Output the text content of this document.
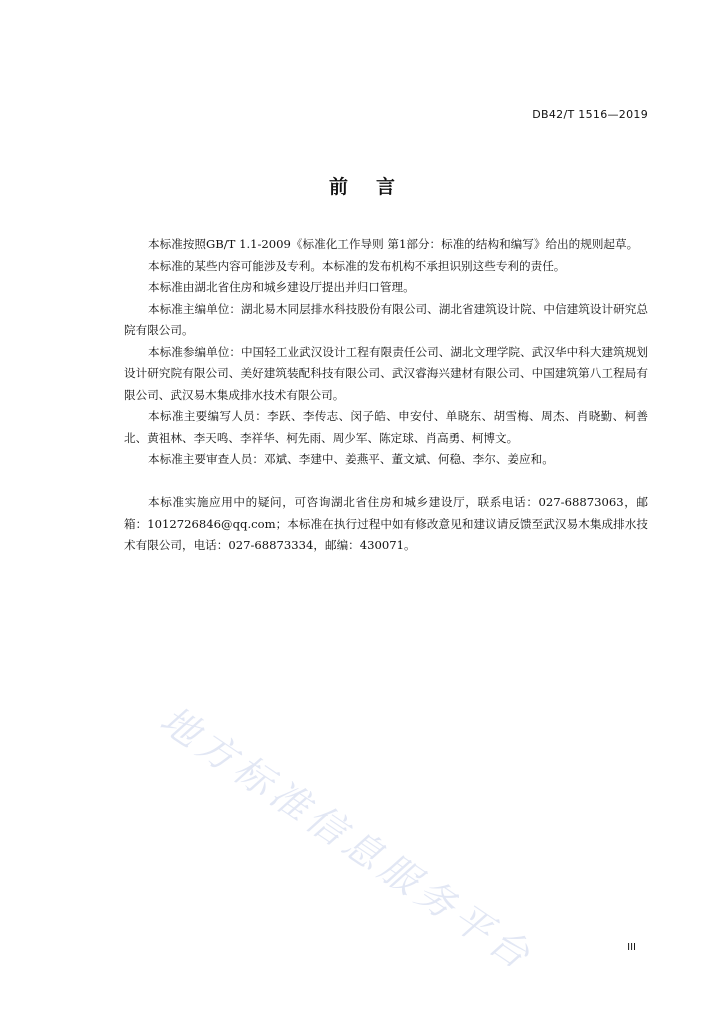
DB42/T 1516—2019
前 言

本标准按照GB/T 1.1-2009《标准化工作导则 第1部分：标准的结构和编写》给出的规则起草。

本标准的某些内容可能涉及专利。本标准的发布机构不承担识别这些专利的责任。

本标准由湖北省住房和城乡建设厅提出并归口管理。

本标准主编单位：湖北易木同层排水科技股份有限公司、湖北省建筑设计院、中信建筑设计研究总院有限公司。

本标准参编单位：中国轻工业武汉设计工程有限责任公司、湖北文理学院、武汉华中科大建筑规划设计研究院有限公司、美好建筑装配科技有限公司、武汉睿海兴建材有限公司、中国建筑第八工程局有限公司、武汉易木集成排水技术有限公司。

本标准主要编写人员：李跃、李传志、闵子皓、申安付、单晓东、胡雪梅、周杰、肖晓勤、柯善北、黄祖林、李天鸣、李祥华、柯先雨、周少军、陈定球、肖高勇、柯博文。

本标准主要审查人员：邓斌、李建中、姜燕平、董文斌、何稳、李尔、姜应和。

本标准实施应用中的疑问，可咨询湖北省住房和城乡建设厅，联系电话：027-68873063，邮箱：1012726846@qq.com；本标准在执行过程中如有修改意见和建议请反馈至武汉易木集成排水技术有限公司，电话：027-68873334，邮编：430071。

地方标准信息服务平台	III
